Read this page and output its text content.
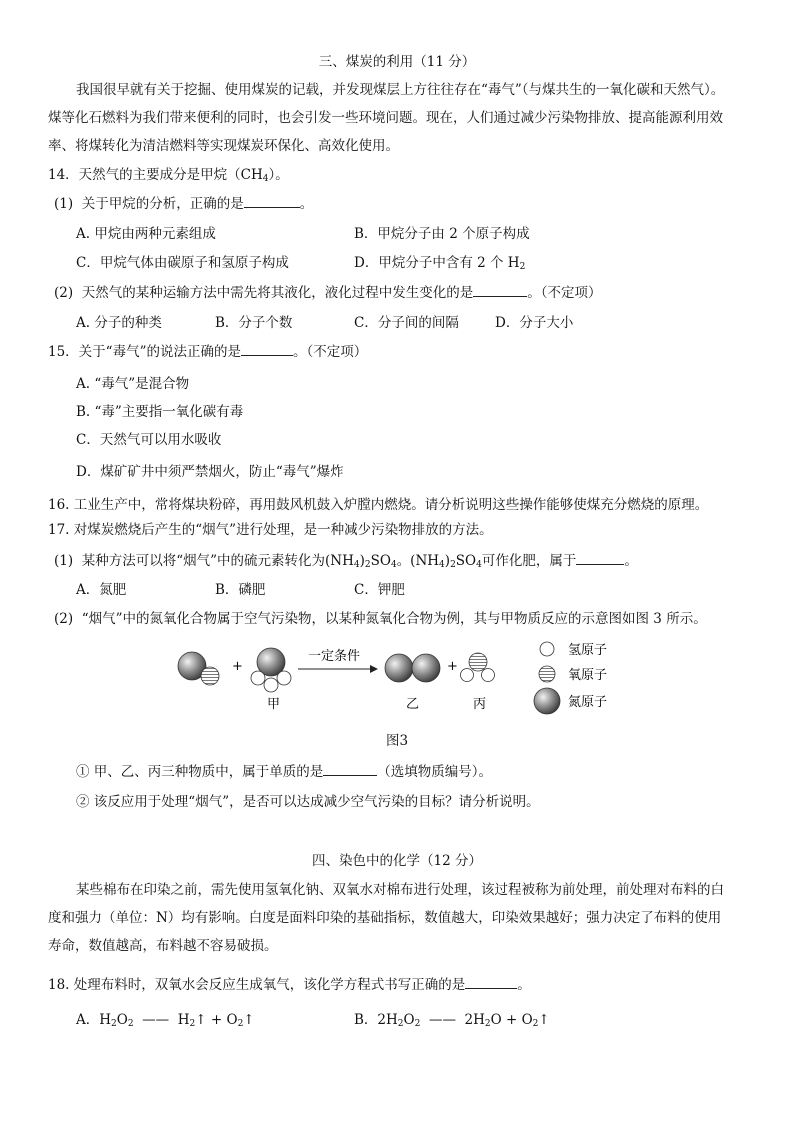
三、煤炭的利用（11 分）
我国很早就有关于挖掘、使用煤炭的记载，并发现煤层上方往往存在“毒气”（与煤共生的一氧化碳和天然气）。
煤等化石燃料为我们带来便利的同时，也会引发一些环境问题。现在，人们通过减少污染物排放、提高能源利用效
率、将煤转化为清洁燃料等实现煤炭环保化、高效化使用。
14．天然气的主要成分是甲烷$(CH_4)$。
(1) 关于甲烷的分析，正确的是	。
A. 甲烷由两种元素组成	B．甲烷分子由 2 个原子构成
C．甲烷气体由碳原子和氢原子构成	D．甲烷分子中含有 2 个 $H_2$
(2) 天然气的某种运输方法中需先将其液化，液化过程中发生变化的是	。（不定项）
A. 分子的种类	B．分子个数	C．分子间的间隔	D．分子大小
15．关于“毒气”的说法正确的是	。（不定项）
A. “毒气”是混合物
B. “毒”主要指一氧化碳有毒
C．天然气可以用水吸收
D．煤矿矿井中须严禁烟火，防止“毒气”爆炸
16. 工业生产中，常将煤块粉碎，再用鼓风机鼓入炉膛内燃烧。请分析说明这些操作能够使煤充分燃烧的原理。
17. 对煤炭燃烧后产生的“烟气”进行处理，是一种减少污染物排放的方法。
(1) 某种方法可以将“烟气”中的硫元素转化为$(NH_4)_2SO_4$。$(NH_4)_2SO_4$可作化肥，属于	。
A．氮肥	B．磷肥	C．钾肥
(2) “烟气”中的氮氧化合物属于空气污染物，以某种氮氧化合物为例，其与甲物质反应的示意图如图 3 所示。
+
甲
一定条件
乙
+
丙
氢原子
氧原子
氮原子
图3
① 甲、乙、丙三种物质中，属于单质的是	（选填物质编号）。
② 该反应用于处理“烟气”，是否可以达成减少空气污染的目标？请分析说明。
四、染色中的化学（12 分）
某些棉布在印染之前，需先使用氢氧化钠、双氧水对棉布进行处理，该过程被称为前处理，前处理对布料的白
度和强力（单位：N）均有影响。白度是面料印染的基础指标，数值越大，印染效果越好；强力决定了布料的使用
寿命，数值越高，布料越不容易破损。
18. 处理布料时，双氧水会反应生成氧气，该化学方程式书写正确的是	。
A．$H_2O_2$ —— $H_2↑$ + $O_2↑$	B．$2H_2O_2$ —— $2H_2O$ + $O_2↑$
